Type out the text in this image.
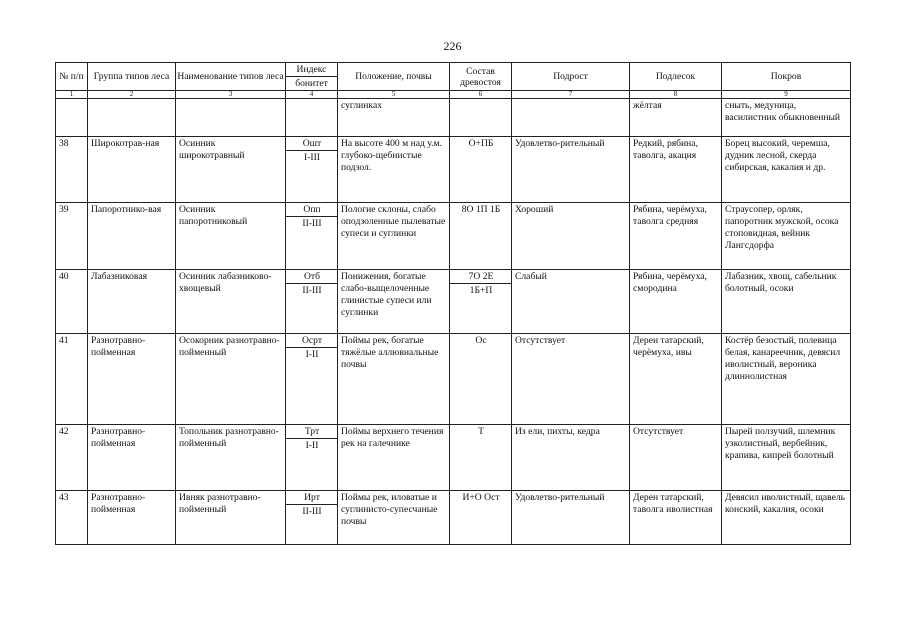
226
№ п/п	Группа типов леса	Наименование типов леса	Индекс	Положение, почвы	Состав древостоя	Подрост	Подлесок	Покров
			бонитет					
1	2	3	4	5	6	7	8	9
				суглинках			жёлтая	сныть, медуница, василистник обыкновенный
38	Широкотрав-ная	Осинник широкотравный	Ошт	На высоте 400 м над у.м. глубоко-щебнистые подзол.	О+ПБ	Удовлетво-рительный	Редкий, рябина, таволга, акация	Борец высокий, черемша, дудник лесной, скерда сибирская, какалия и др.
			I-III					
39	Папоротнико-вая	Осинник папоротниковый	Опп	Пологие склоны, слабо оподзоленные пылеватые супеси и суглинки	8О 1П 1Б	Хороший	Рябина, черёмуха, таволга средняя	Страусопер, орляк, папоротник мужской, осока стоповидная, вейник Лангсдорфа
			II-III					
40	Лабазниковая	Осинник лабазниково-хвощевый	Отб	Понижения, богатые слабо-выщелоченные глинистые супеси или суглинки	7О 2Е	Слабый	Рябина, черёмуха, смородина	Лабазник, хвощ, сабельник болотный, осоки
			II-III		1Б+П			
41	Разнотравно-пойменная	Осокорник разнотравно-пойменный	Осрт	Поймы рек, богатые тяжёлые аллювиальные почвы	Ос	Отсутствует	Дерен татарский, черёмуха, ивы	Костёр безостый, полевица белая, канареечник, девясил иволистный, вероника длиннолистная
			I-II					
42	Разнотравно-пойменная	Топольник разнотравно-пойменный	Трт	Поймы верхнего течения рек на галечнике	Т	Из ели, пихты, кедра	Отсутствует	Пырей ползучий, шлемник узколистный, вербейник, крапива, кипрей болотный
			I-II					
43	Разнотравно-пойменная	Ивняк разнотравно-пойменный	Ирт	Поймы рек, иловатые и суглинисто-супесчаные почвы	И+О Ост	Удовлетво-рительный	Дерен татарский, таволга иволистная	Девясил иволистный, щавель конский, какалия, осоки
			II-III					
